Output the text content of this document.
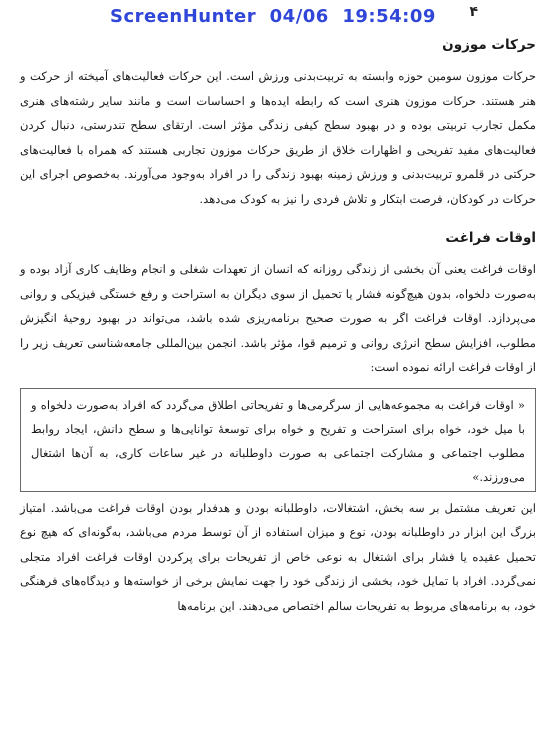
ScreenHunter  04/06  19:54:09 ۴
حرکات موزون

حرکات موزون سومین حوزه وابسته به تربیت‌بدنی ورزش است. این حرکات فعالیت‌های آمیخته از حرکت و هنر هستند. حرکات موزون هنری است که رابطه ایده‌ها و احساسات است و مانند سایر رشته‌های هنری مکمل تجارب تربیتی بوده و در بهبود سطح کیفی زندگی مؤثر است. ارتقای سطح تندرستی، دنبال کردن فعالیت‌های مفید تفریحی و اظهارات خلاق از طریق حرکات موزون تجاربی هستند که همراه با فعالیت‌های حرکتی در قلمرو تربیت‌بدنی و ورزش زمینه بهبود زندگی را در افراد به‌وجود می‌آورند. به‌خصوص اجرای این حرکات در کودکان، فرصت ابتکار و تلاش فردی را نیز به کودک می‌دهد.

اوقات فراغت

اوقات فراغت یعنی آن بخشی از زندگی روزانه که انسان از تعهدات شغلی و انجام وظایف کاری آزاد بوده و به‌صورت دلخواه، بدون هیچ‌گونه فشار یا تحمیل از سوی دیگران به استراحت و رفع خستگی فیزیکی و روانی می‌پردازد. اوقات فراغت اگر به صورت صحیح برنامه‌ریزی شده باشد، می‌تواند در بهبود روحیهٔ انگیزش مطلوب، افزایش سطح انرژی روانی و ترمیم قوا، مؤثر باشد. انجمن بین‌المللی جامعه‌شناسی تعریف زیر را از اوقات فراغت ارائه نموده است:

« اوقات فراغت به مجموعه‌هایی از سرگرمی‌ها و تفریحاتی اطلاق می‌گردد که افراد به‌صورت دلخواه و با میل خود، خواه برای استراحت و تفریح و خواه برای توسعهٔ توانایی‌ها و سطح دانش، ایجاد روابط مطلوب اجتماعی و مشارکت اجتماعی به صورت داوطلبانه در غیر ساعات کاری، به آن‌ها اشتغال می‌ورزند.»

این تعریف مشتمل بر سه بخش، اشتغالات، داوطلبانه بودن و هدفدار بودن اوقات فراغت می‌باشد. امتیاز بزرگ این ابزار در داوطلبانه بودن، نوع و میزان استفاده از آن توسط مردم می‌باشد، به‌گونه‌ای که هیچ نوع تحمیل عقیده یا فشار برای اشتغال به نوعی خاص از تفریحات برای پرکردن اوقات فراغت افراد متجلی نمی‌گردد. افراد با تمایل خود، بخشی از زندگی خود را جهت نمایش برخی از خواسته‌ها و دیدگاه‌های فرهنگی خود، به برنامه‌های مربوط به تفریحات سالم اختصاص می‌دهند. این برنامه‌ها
